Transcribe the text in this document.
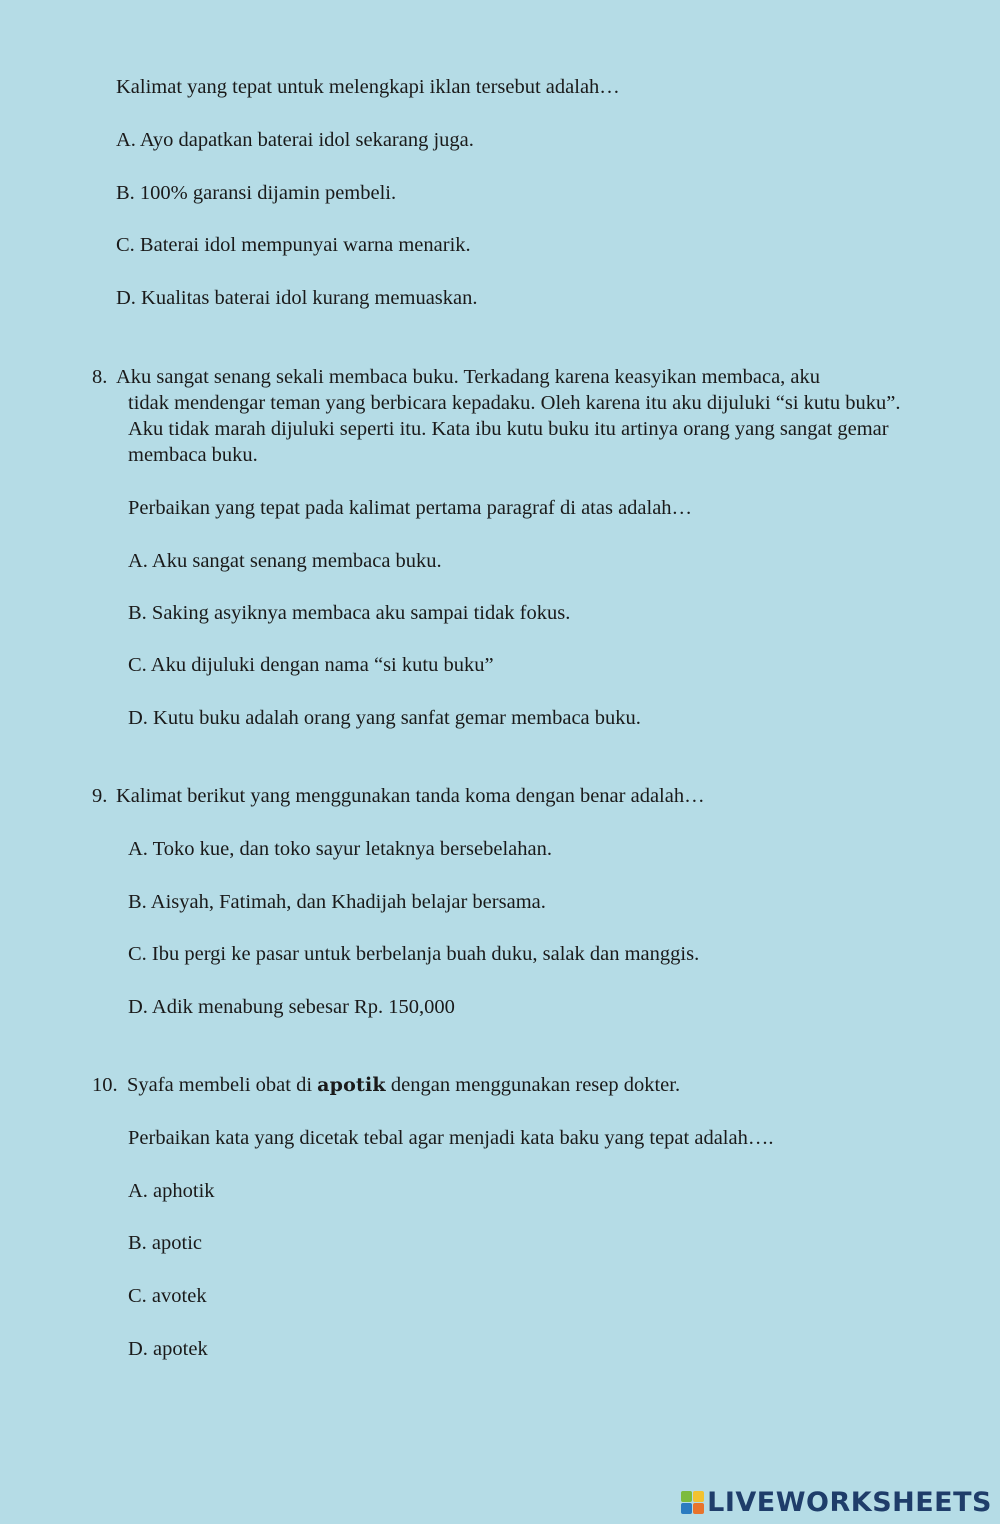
Kalimat yang tepat untuk melengkapi iklan tersebut adalah…
A. Ayo dapatkan baterai idol sekarang juga.
B. 100% garansi dijamin pembeli.
C. Baterai idol mempunyai warna menarik.
D. Kualitas baterai idol kurang memuaskan.
8. Aku sangat senang sekali membaca buku. Terkadang karena keasyikan membaca, aku
tidak mendengar teman yang berbicara kepadaku. Oleh karena itu aku dijuluki “si kutu buku”. Aku tidak marah dijuluki seperti itu. Kata ibu kutu buku itu artinya orang yang sangat gemar membaca buku.
Perbaikan yang tepat pada kalimat pertama paragraf di atas adalah…
A. Aku sangat senang membaca buku.
B. Saking asyiknya membaca aku sampai tidak fokus.
C. Aku dijuluki dengan nama “si kutu buku”
D. Kutu buku adalah orang yang sanfat gemar membaca buku.
9. Kalimat berikut yang menggunakan tanda koma dengan benar adalah…
A. Toko kue, dan toko sayur letaknya bersebelahan.
B. Aisyah, Fatimah, dan Khadijah belajar bersama.
C. Ibu pergi ke pasar untuk berbelanja buah duku, salak dan manggis.
D. Adik menabung sebesar Rp. 150,000
10. Syafa membeli obat di apotik dengan menggunakan resep dokter.
Perbaikan kata yang dicetak tebal agar menjadi kata baku yang tepat adalah….
A. aphotik
B. apotic
C. avotek
D. apotek
LIVEWORKSHEETS
